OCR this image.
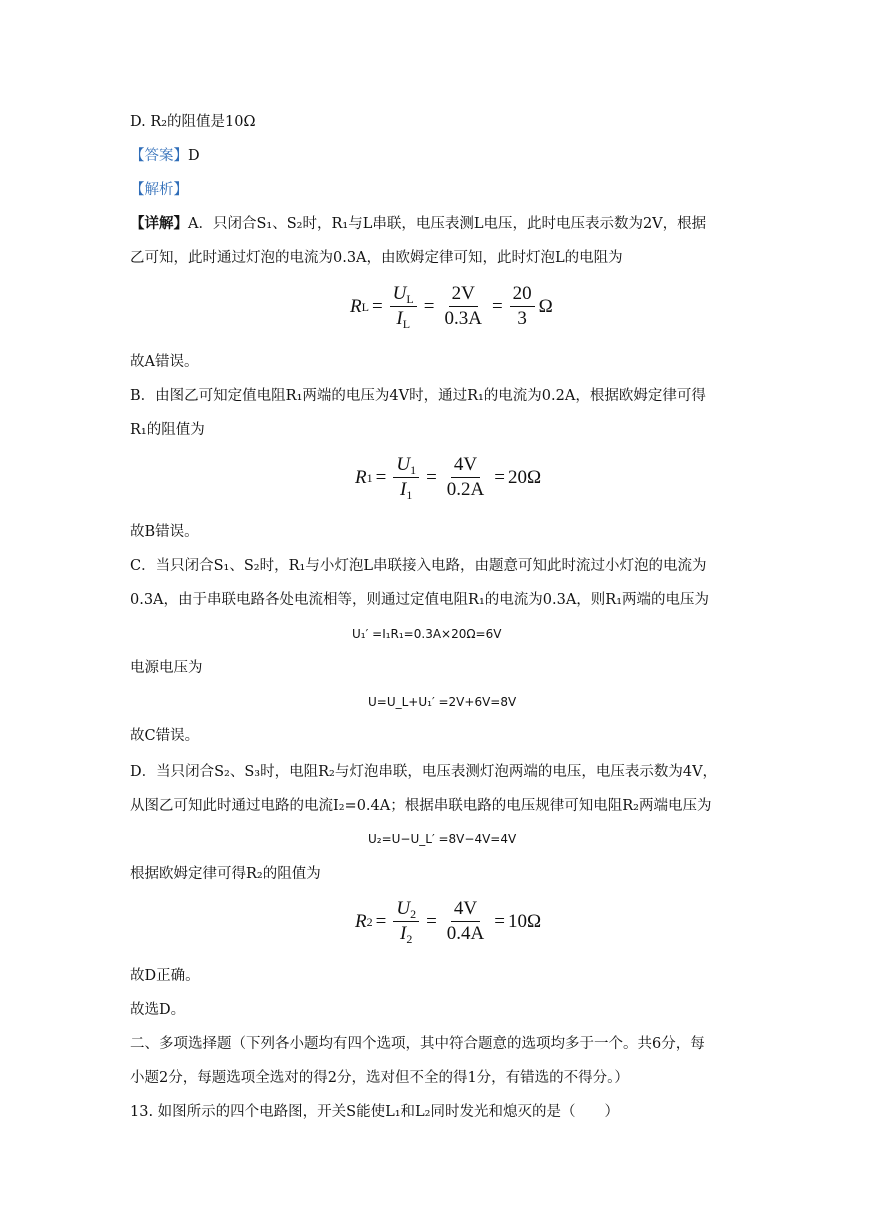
D. R₂的阻值是10Ω
【答案】D
【解析】
【详解】A．只闭合S₁、S₂时，R₁与L串联，电压表测L电压，此时电压表示数为2V，根据
乙可知，此时通过灯泡的电流为0.3A，由欧姆定律可知，此时灯泡L的电阻为
R $L = \frac{U_L}{I_L} = \frac{2V}{0.3A} = \frac{20}{3}$ Ω
故A错误。
B．由图乙可知定值电阻R₁两端的电压为4V时，通过R₁的电流为0.2A，根据欧姆定律可得
R₁的阻值为
R $1 = \frac{U_1}{I_1} = \frac{4V}{0.2A} = 20\Omega$
故B错误。
C．当只闭合S₁、S₂时，R₁与小灯泡L串联接入电路，由题意可知此时流过小灯泡的电流为
0.3A，由于串联电路各处电流相等，则通过定值电阻R₁的电流为0.3A，则R₁两端的电压为
U₁′ =I₁R₁=0.3A×20Ω=6V
电源电压为
U=U_L+U₁′ =2V+6V=8V
故C错误。
D．当只闭合S₂、S₃时，电阻R₂与灯泡串联，电压表测灯泡两端的电压，电压表示数为4V，
从图乙可知此时通过电路的电流I₂=0.4A；根据串联电路的电压规律可知电阻R₂两端电压为
U₂=U−U_L′ =8V−4V=4V
根据欧姆定律可得R₂的阻值为
R $2 = \frac{U_2}{I_2} = \frac{4V}{0.4A} = 10\Omega$
故D正确。
故选D。
二、多项选择题（下列各小题均有四个选项，其中符合题意的选项均多于一个。共6分，每
小题2分，每题选项全选对的得2分，选对但不全的得1分，有错选的不得分。）
13. 如图所示的四个电路图，开关S能使L₁和L₂同时发光和熄灭的是（　　）
